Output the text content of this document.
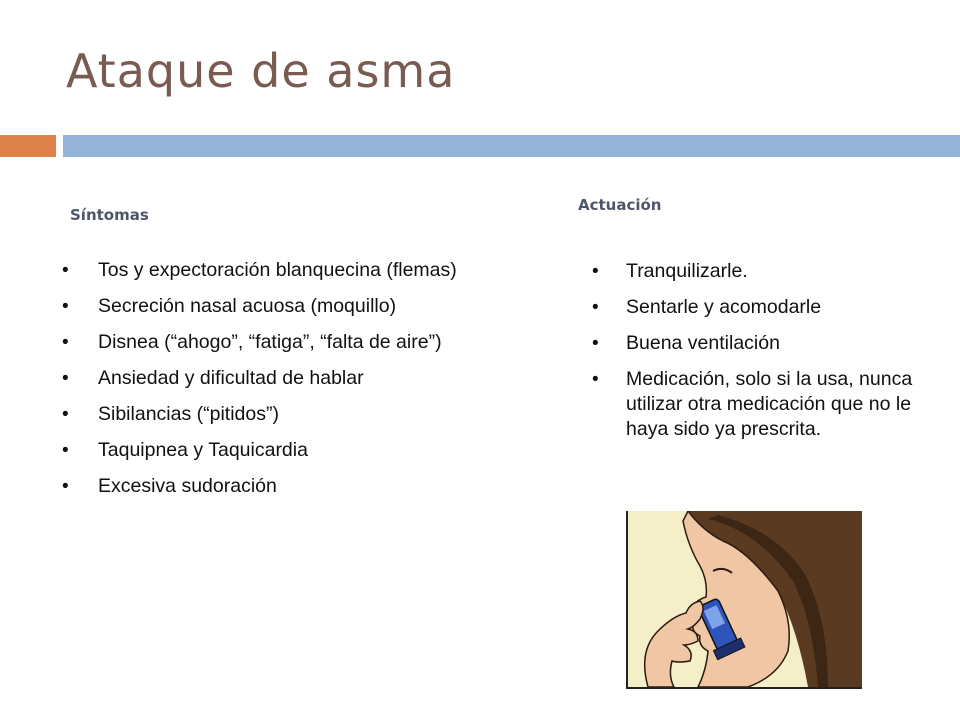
Ataque de asma
Síntomas
Actuación
• Tos y expectoración blanquecina (flemas)
• Secreción nasal acuosa (moquillo)
• Disnea (“ahogo”, “fatiga”, “falta de aire”)
• Ansiedad y dificultad de hablar
• Sibilancias (“pitidos”)
• Taquipnea y Taquicardia
• Excesiva sudoración
• Tranquilizarle.
• Sentarle y acomodarle
• Buena ventilación
• Medicación, solo si la usa, nunca utilizar otra medicación que no le haya sido ya prescrita.
